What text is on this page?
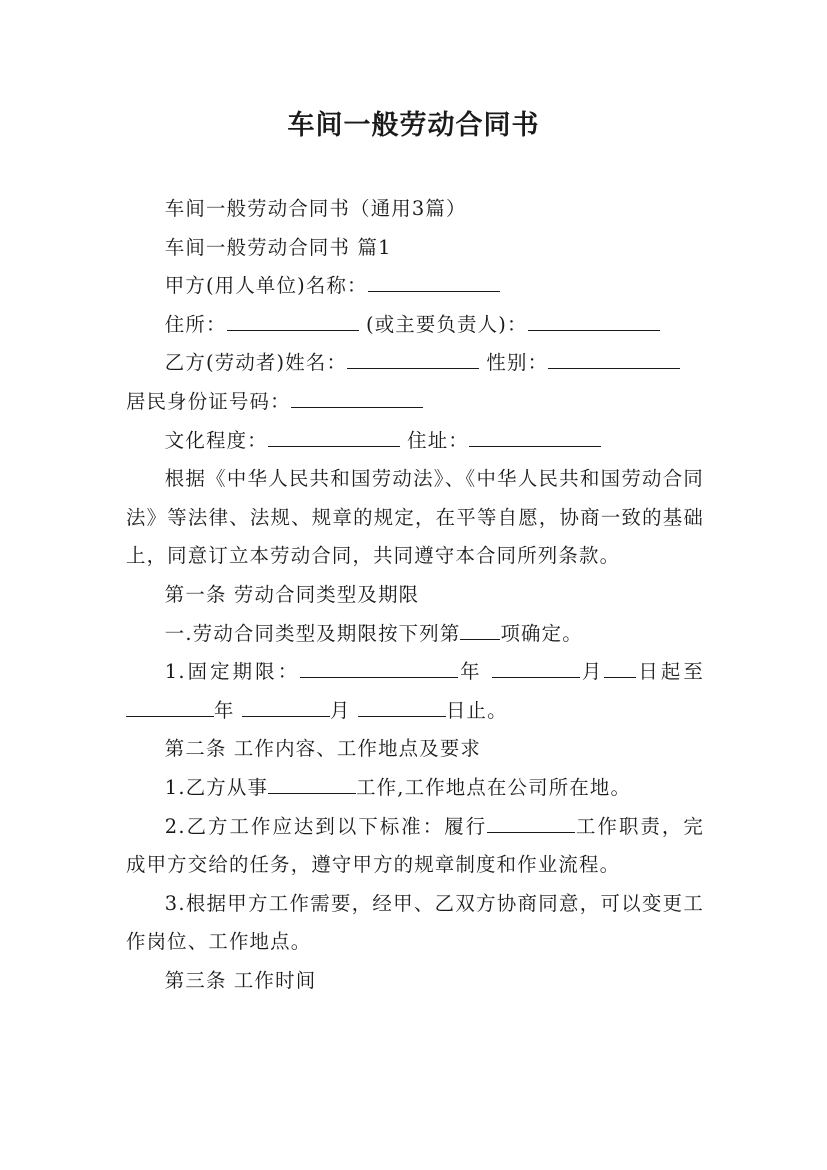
车间一般劳动合同书

车间一般劳动合同书（通用3篇）

车间一般劳动合同书 篇1

甲方(用人单位)名称：

住所：	(或主要负责人)：

乙方(劳动者)姓名：	性别：

居民身份证号码：

文化程度：	住址：

根据《中华人民共和国劳动法》、《中华人民共和国劳动合同法》等法律、法规、规章的规定，在平等自愿，协商一致的基础上，同意订立本劳动合同，共同遵守本合同所列条款。

第一条 劳动合同类型及期限

一.劳动合同类型及期限按下列第 项确定。

1.固定期限：	年	月 日起至年	月	日止。

第二条 工作内容、工作地点及要求

1.乙方从事	工作,工作地点在公司所在地。

2.乙方工作应达到以下标准：履行	工作职责，完成甲方交给的任务，遵守甲方的规章制度和作业流程。

3.根据甲方工作需要，经甲、乙双方协商同意，可以变更工作岗位、工作地点。

第三条 工作时间
